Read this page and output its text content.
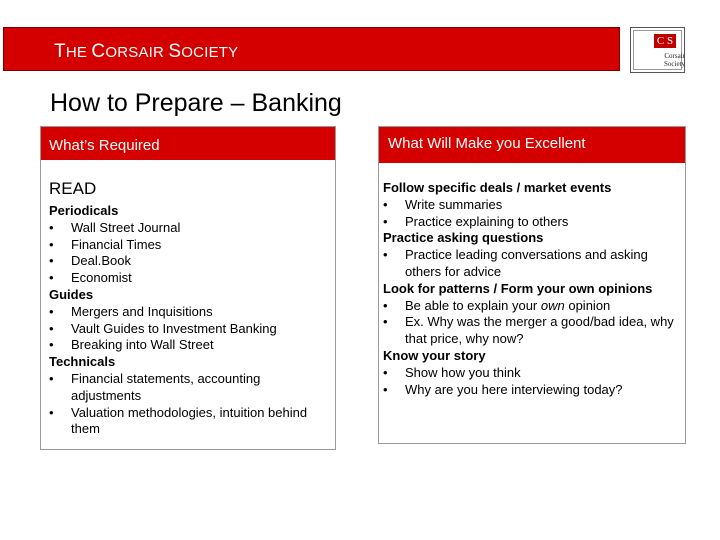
THE CORSAIR SOCIETY
C S
Corsair
Society
How to Prepare – Banking
What’s Required
READ
Periodicals
• Wall Street Journal
• Financial Times
• Deal.Book
• Economist
Guides
• Mergers and Inquisitions
• Vault Guides to Investment Banking
• Breaking into Wall Street
Technicals
• Financial statements, accounting adjustments
• Valuation methodologies, intuition behind them
What Will Make you Excellent
Follow specific deals / market events
• Write summaries
• Practice explaining to others
Practice asking questions
• Practice leading conversations and asking others for advice
Look for patterns / Form your own opinions
• Be able to explain your own opinion
• Ex. Why was the merger a good/bad idea, why that price, why now?
Know your story
• Show how you think
• Why are you here interviewing today?
